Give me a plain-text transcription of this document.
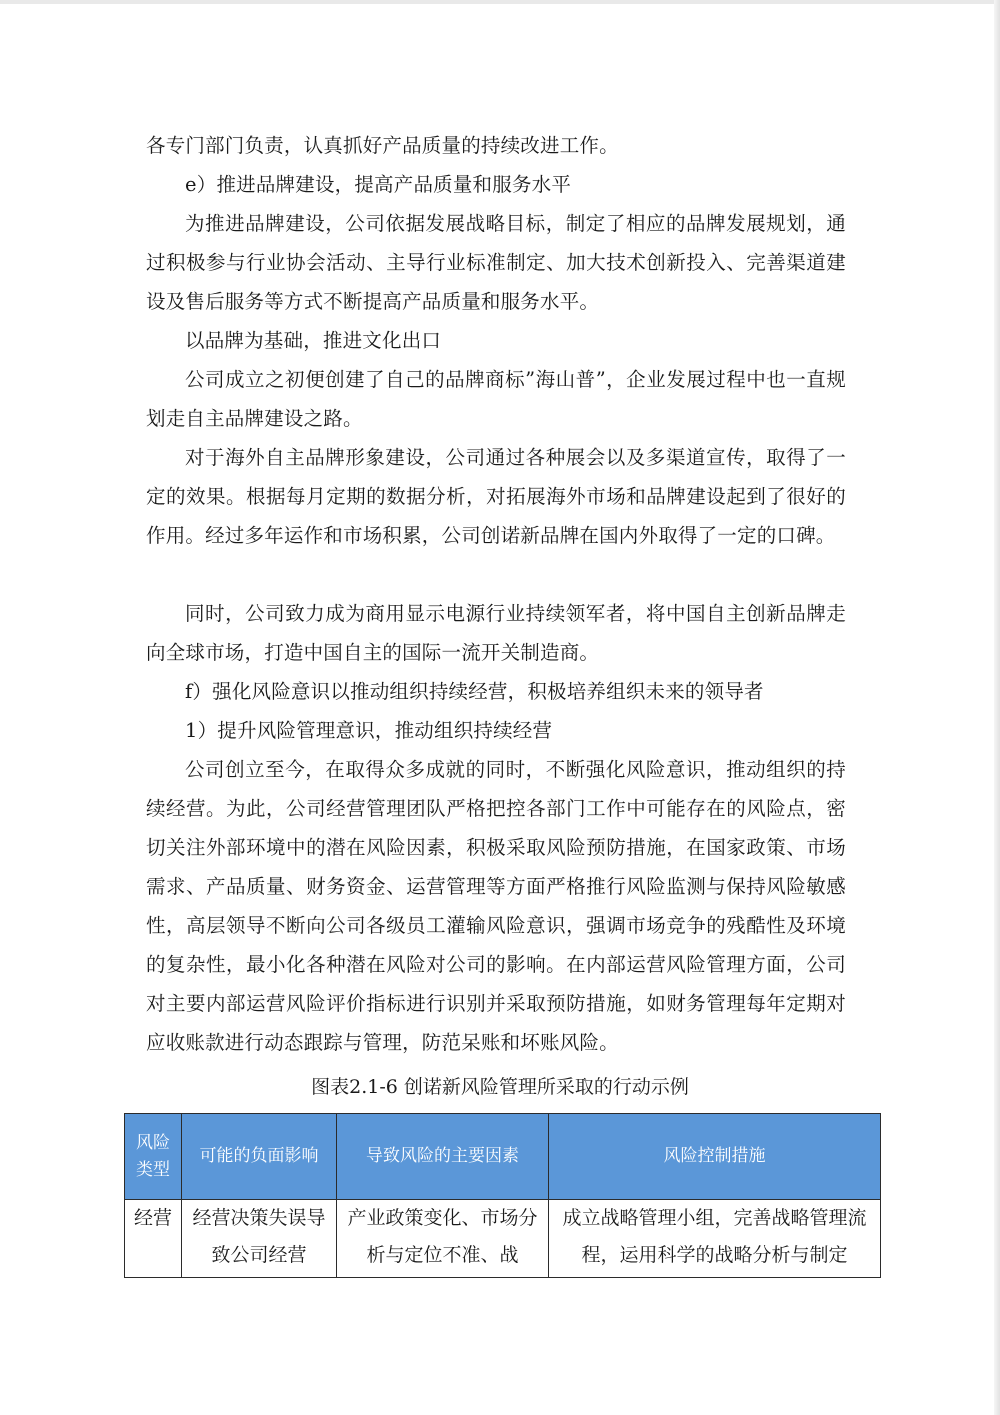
各专门部门负责，认真抓好产品质量的持续改进工作。

e）推进品牌建设，提高产品质量和服务水平

为推进品牌建设，公司依据发展战略目标，制定了相应的品牌发展规划，通过积极参与行业协会活动、主导行业标准制定、加大技术创新投入、完善渠道建设及售后服务等方式不断提高产品质量和服务水平。

以品牌为基础，推进文化出口

公司成立之初便创建了自己的品牌商标”海山普”，企业发展过程中也一直规划走自主品牌建设之路。

对于海外自主品牌形象建设，公司通过各种展会以及多渠道宣传，取得了一定的效果。根据每月定期的数据分析，对拓展海外市场和品牌建设起到了很好的作用。经过多年运作和市场积累，公司创诺新品牌在国内外取得了一定的口碑。

同时，公司致力成为商用显示电源行业持续领军者，将中国自主创新品牌走向全球市场，打造中国自主的国际一流开关制造商。

f）强化风险意识以推动组织持续经营，积极培养组织未来的领导者

1）提升风险管理意识，推动组织持续经营

公司创立至今，在取得众多成就的同时，不断强化风险意识，推动组织的持续经营。为此，公司经营管理团队严格把控各部门工作中可能存在的风险点，密切关注外部环境中的潜在风险因素，积极采取风险预防措施，在国家政策、市场需求、产品质量、财务资金、运营管理等方面严格推行风险监测与保持风险敏感性，高层领导不断向公司各级员工灌输风险意识，强调市场竞争的残酷性及环境的复杂性，最小化各种潜在风险对公司的影响。在内部运营风险管理方面，公司对主要内部运营风险评价指标进行识别并采取预防措施，如财务管理每年定期对应收账款进行动态跟踪与管理，防范呆账和坏账风险。

图表2.1-6 创诺新风险管理所采取的行动示例
风险类型	可能的负面影响	导致风险的主要因素	风险控制措施
经营	经营决策失误导致公司经营	产业政策变化、市场分析与定位不准、战	成立战略管理小组，完善战略管理流程，运用科学的战略分析与制定
